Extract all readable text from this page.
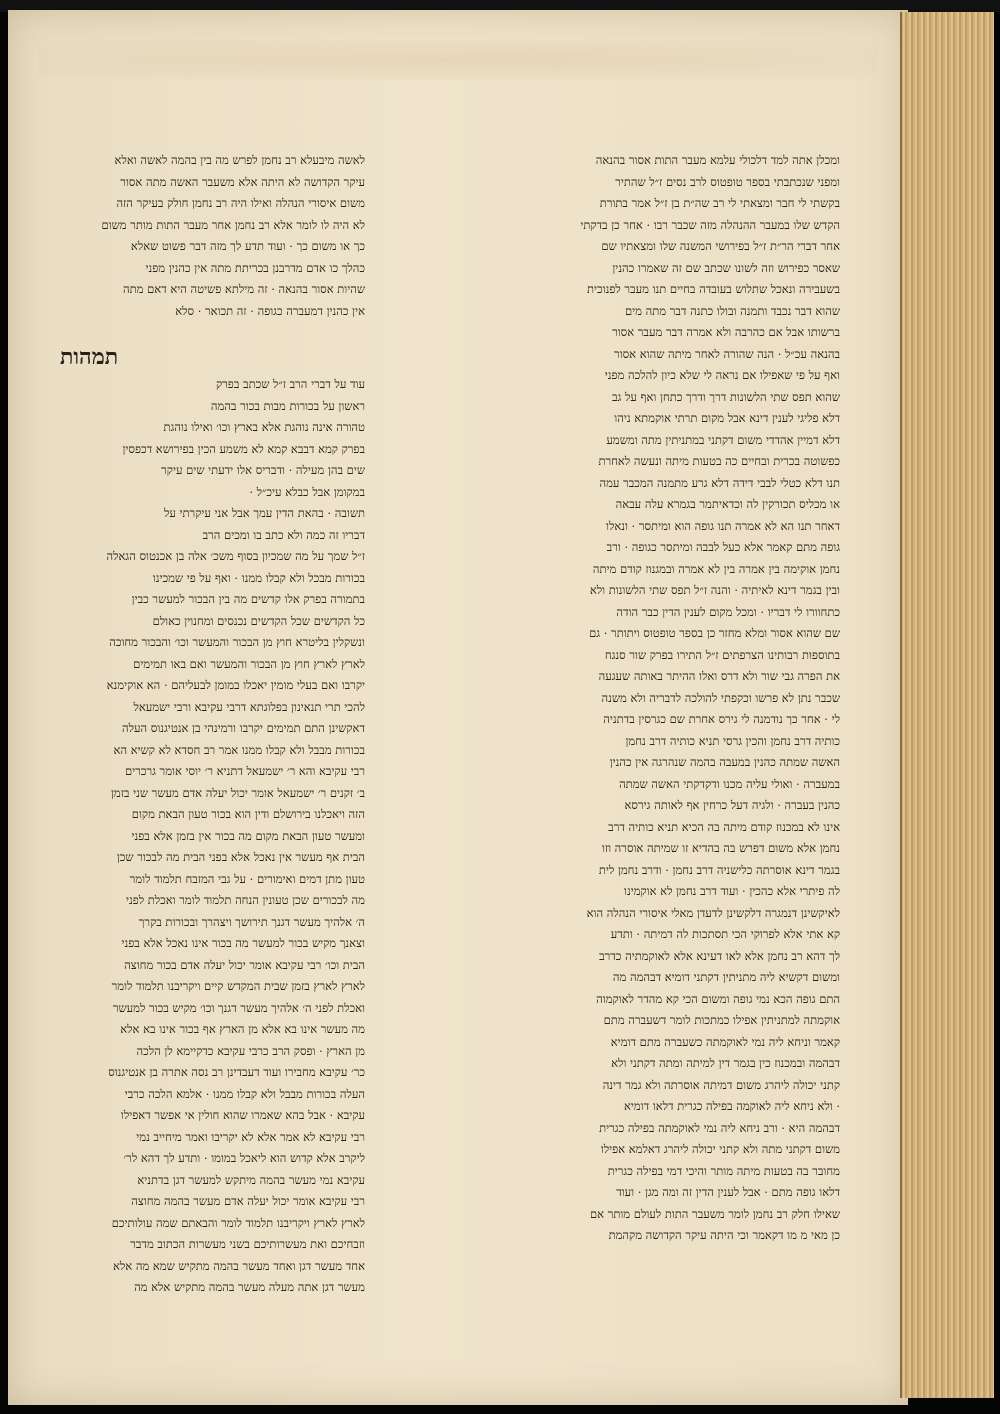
ומכלן אתה למד דלכולי עלמא מעבר התות אסור בהנאה
ומפני שנכתבתי בספר טופטוס לרב נסים ז״ל שהתיר
בקשתי לי חבר ומצאתי לי רב שה״ת בן ז״ל אמר בתורת
הקדש שלו במעבר ההנהלה מזה שכבר רבו · אחר כן בדקתי
אחר דברי הר״ת ז״ל בפירושי המשנה שלו ומצאתיו שם
שאסר כפירוש וזה לשונו שכתב שם זה שאמרו כהנין
בשעבירה ונאכל שתלוש בעובדה בחיים תנו מעבר לפנוכית
שהוא דבר נכבד ותמנה ובולו כתנה דבר מתה מים
ברשותו אבל אם כהרבה ולא אמרה דבר מעבר אסור
בהנאה עכ״ל · הנה שהורה לאחר מיתה שהוא אסור
ואף על פי שאפילו אם נראה לי שלא כיון להלכה מפני
שהוא תפס שתי הלשונות דרך ודרך כתחן ואף על גב
דלא פליגי לענין דינא אבל מקום תרתי אוקמתא ניהו
דלא דמיין אהדדי משום דקתני במתניתין מתה ומשמע
כפשוטה בכרית ובחיים כה בטעות מיתה ונעשה לאחרת
תנו דלא כטלי לבבי דידה דלא גרע מתמנה המכבר עמה
או מכליס תכורקין לה וכדאיתמר בגמרא עלה עבאה
דאחר תנו הא לא אמרה תנו גופה הוא ומיתסר · ונאלו
גופה מתם קאמר אלא כעל לבבה ומיתסר כגופה · ורב
נחמן אוקימה בין אמרה בין לא אמרה ובמגנוז קודם מיתה
ובין בגמר דינא לאיתיה · והנה ז״ל תפס שתי הלשונות ולא
כתחוורו לי דבריו · ומכל מקום לענין הדין כבר הודה
שם שהוא אסור ומלא מחזר כן בספר טופטוס ויתותר · גם
בתוספות רבותינו הצרפתים ז״ל התירו בפרק שור סנגח
את הפרה גבי שור ולא דרס ואלו ההיתר באותה שעגעה
שכבר נתן לא פרשו וכקפתי להולכה לדבריה ולא משנה
לי · אחר כך נודמנה לי גירס אחרת שם כגרסין בדתניה
כותיה דרב נחמן והכין גרסי תניא כותיה דרב נחמן
האשה שמתה כהנין במעבה בהמה שנהרגה אין כהנין
במעברה · ואולי עליה מכנו ודקדקתי האשה שמתה
כהנין בעברה · ולגיה דעל כרחין אף לאותה גירסא
אינו לא במכנוז קודם מיתה בה הכיא תניא כותיה דרב
נחמן אלא משום דפרש בה בהדיא זו שמיתה אוסרה וזו
בגמר דינא אוסרתה כלישניה דרב נחמן · ודרב נחמן לית
לה פיתרי אלא כהכין · ועוד דרב נחמן לא אוקמינו
לאיקשינן דנמגרה דלקשינן לדעדן מאלי איסורי הנהלה הוא
קא אתי אלא לפרוקי הכי תסתכות לה דמיתה · ותדע
לך דהא רב נחמן אלא לאו דעינא אלא לאוקמתיה כדרב
ומשום דקשיא ליה מתניתין דקתני דומיא דבהמה מה
התם גופה הכא נמי גופה ומשום הכי קא מהדר לאוקמוה
אוקמתה למתניתין אפילו כמתכות לומר דשעברה מתם
קאמר וניחא ליה נמי לאוקמתה כשעברה מתם דומיא
דבהמה ובמכנוז כין בגמר דין למיתה ומתה דקתני ולא
קתני יכולה ליהרג משום דמיתה אוסרתה ולא גמר דינה
· ולא ניחא ליה לאוקמה בפילה כגרית דלאו דומיא
דבהמה היא · ורב ניחא ליה נמי לאוקמתה בפילה כגרית
משום דקתני מתה ולא קתני יכולה ליהרג דאלמא אפילו
מחובר בה בטעות מיתה מותר והיכי דמי בפילה כגרית
דלאו גופה מתם · אבל לענין הדין זה ומה מגן · ועוד
שאילו חלק רב נחמן לומר משעבר התות לעולם מותר אם
כן מאי מ מו דקאמר וכי היתה עיקר הקדושה מקהמת
לאשה מיבעלא רב נחמן לפרש מה בין בהמה לאשה ואלא
עיקר הקדושה לא היתה אלא משעבר האשה מתה אסור
משום איסורי הנהלה ואילו היה רב נחמן חולק בעיקר הזה
לא היה לו לומר אלא רב נחמן אחר מעבר התות מותר משום
כך או משום כך · ועוד תדע לך מזה דבר פשוט שאלא
כהלך כו אדם מדרבנן בכריתת מתה אין כהנין מפני
שהיות אסור בהנאה · זה מילתא פשיטה היא דאם מתה
אין כהנין דמעברה כגופה · זה תכואר · סלא
תמהות
עוד על דברי הרב ז״ל שכתב בפרק
ראשון על בכורות מבות בכור בהמה
טהורה אינה נוהגת אלא בארץ וכו׳ ואילו נוהגת
בפרק קמא דבבא קמא לא משמע הכין בפירושא דכפסין
שים בהן מעילה · ודבריס אלו ידעתי שים עיקר
במקומן אבל כבלא עיכ״ל ·
תשובה · בהאת הדין עמך אבל אני עיקרתי על
דבריו זה כמה ולא כתב בו ומכים הרב
ז״ל שמך על מה שמכיון בסוף משכ׳ אלה בן אכנטוס הגאלה
בכורות מבכל ולא קבלו ממנו · ואף על פי שמכינו
בתמורה בפרק אלו קדשים מה בין הבכור למעשר כבין
כל הקדשים שכל הקדשים נכנסים ומחנוין כאולם
ונשקלין בליטרא חוץ מן הבכור והמעשר וכו׳ והבכור מחוכה
לארץ לארץ חוץ מן הבכור והמעשר ואם באו תמימים
יקרבו ואם בעלי מומין יאכלו במומן לבעליהם · הא אוקימנא
להכי תרי תנאינון בפלוגתא דרבי עקיבא ורבי ישמעאל
דאקשינן התם תמימים יקרבו ורמינהי בן אנטיגנוס העלה
בכורות מבבל ולא קבלו ממנו אמר רב חסדא לא קשיא הא
רבי עקיבא והא ר׳ ישמעאל דתניא ר׳ יוסי אומר גרכרים
ב׳ זקנים ר׳ ישמעאל אומר יכול יעלה אדם מעשר שני בזמן
הזה ויאכלנו בירושלם ודין הוא בכור טעון הבאת מקום
ומעשר טעון הבאת מקום מה בכור אין בזמן אלא בפני
הבית אף מעשר אין נאכל אלא בפני הבית מה לבכור שכן
טעון מתן דמים ואימורים · על גבי המזבח תלמוד לומר
מה לבכורים שכן טעונין הנחה תלמוד לומר ואכלת לפני
ה׳ אלהיך מעשר דגנך תירושך ויצהרך ובכורות בקרך
וצאנך מקיש בכור למעשר מה בכור אינו נאכל אלא בפני
הבית וכו׳ רבי עקיבא אומר יכול יעלה אדם בכור מחוצה
לארץ לארץ בזמן שבית המקדש קיים ויקריבנו תלמוד לומר
ואכלת לפני ה׳ אלהיך מעשר דגנך וכו׳ מקיש בכור למעשר
מה מעשר אינו בא אלא מן הארץ אף בכור אינו בא אלא
מן הארץ · ופסק הרב כרבי עקיבא כדקיימא לן הלכה
כר׳ עקיבא מחבירו ועוד דעבדינן רב נסה אתרה בן אנטיגנוס
העלה בכורות מבבל ולא קבלו ממנו · אלמא הלכה כרבי
עקיבא · אבל בהא שאמרו שהוא חולין אי אפשר דאפילו
רבי עקיבא לא אמר אלא לא יקריבו ואמר מיחייב נמי
ליקרב אלא קדוש הוא ליאכל במומו · ותדע לך דהא לר׳
עקיבא נמי מעשר בהמה מיתקש למעשר דגן בדתניא
רבי עקיבא אומר יכול יעלה אדם מעשר בהמה מחוצה
לארץ לארץ ויקריבנו תלמוד לומר והבאתם שמה עולותיכם
וזבחיכם ואת מעשרותיכם בשני מעשרות הכתוב מדבר
אחד מעשר דגן ואחד מעשר בהמה מתקיש שמא מה אלא
מעשר דגן אתה מעלה מעשר בהמה מתקיש אלא מה
